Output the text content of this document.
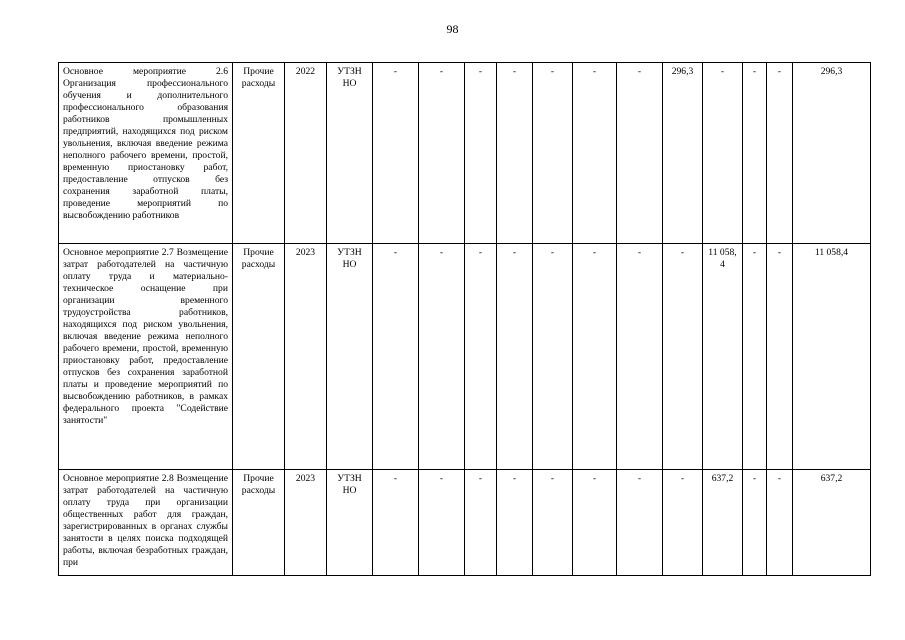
98
Основное мероприятие 2.6 Организация профессионального обучения и дополнительного профессионального образования работников промышленных предприятий, находящихся под риском увольнения, включая введение режима неполного рабочего времени, простой, временную приостановку работ, предоставление отпусков без сохранения заработной платы, проведение мероприятий по высвобождению работников	Прочие расходы	2022	УТЗН НО	-	-	-	-	-	-	-	296,3	-	-	-	296,3
Основное мероприятие 2.7 Возмещение затрат работодателей на частичную оплату труда и материально-техническое оснащение при организации временного трудоустройства работников, находящихся под риском увольнения, включая введение режима неполного рабочего времени, простой, временную приостановку работ, предоставление отпусков без сохранения заработной платы и проведение мероприятий по высвобождению работников, в рамках федерального проекта "Содействие занятости"	Прочие расходы	2023	УТЗН НО	-	-	-	-	-	-	-	-	11 058,4	-	-	11 058,4
Основное мероприятие 2.8 Возмещение затрат работодателей на частичную оплату труда при организации общественных работ для граждан, зарегистрированных в органах службы занятости в целях поиска подходящей работы, включая безработных граждан, при	Прочие расходы	2023	УТЗН НО	-	-	-	-	-	-	-	-	637,2	-	-	637,2
